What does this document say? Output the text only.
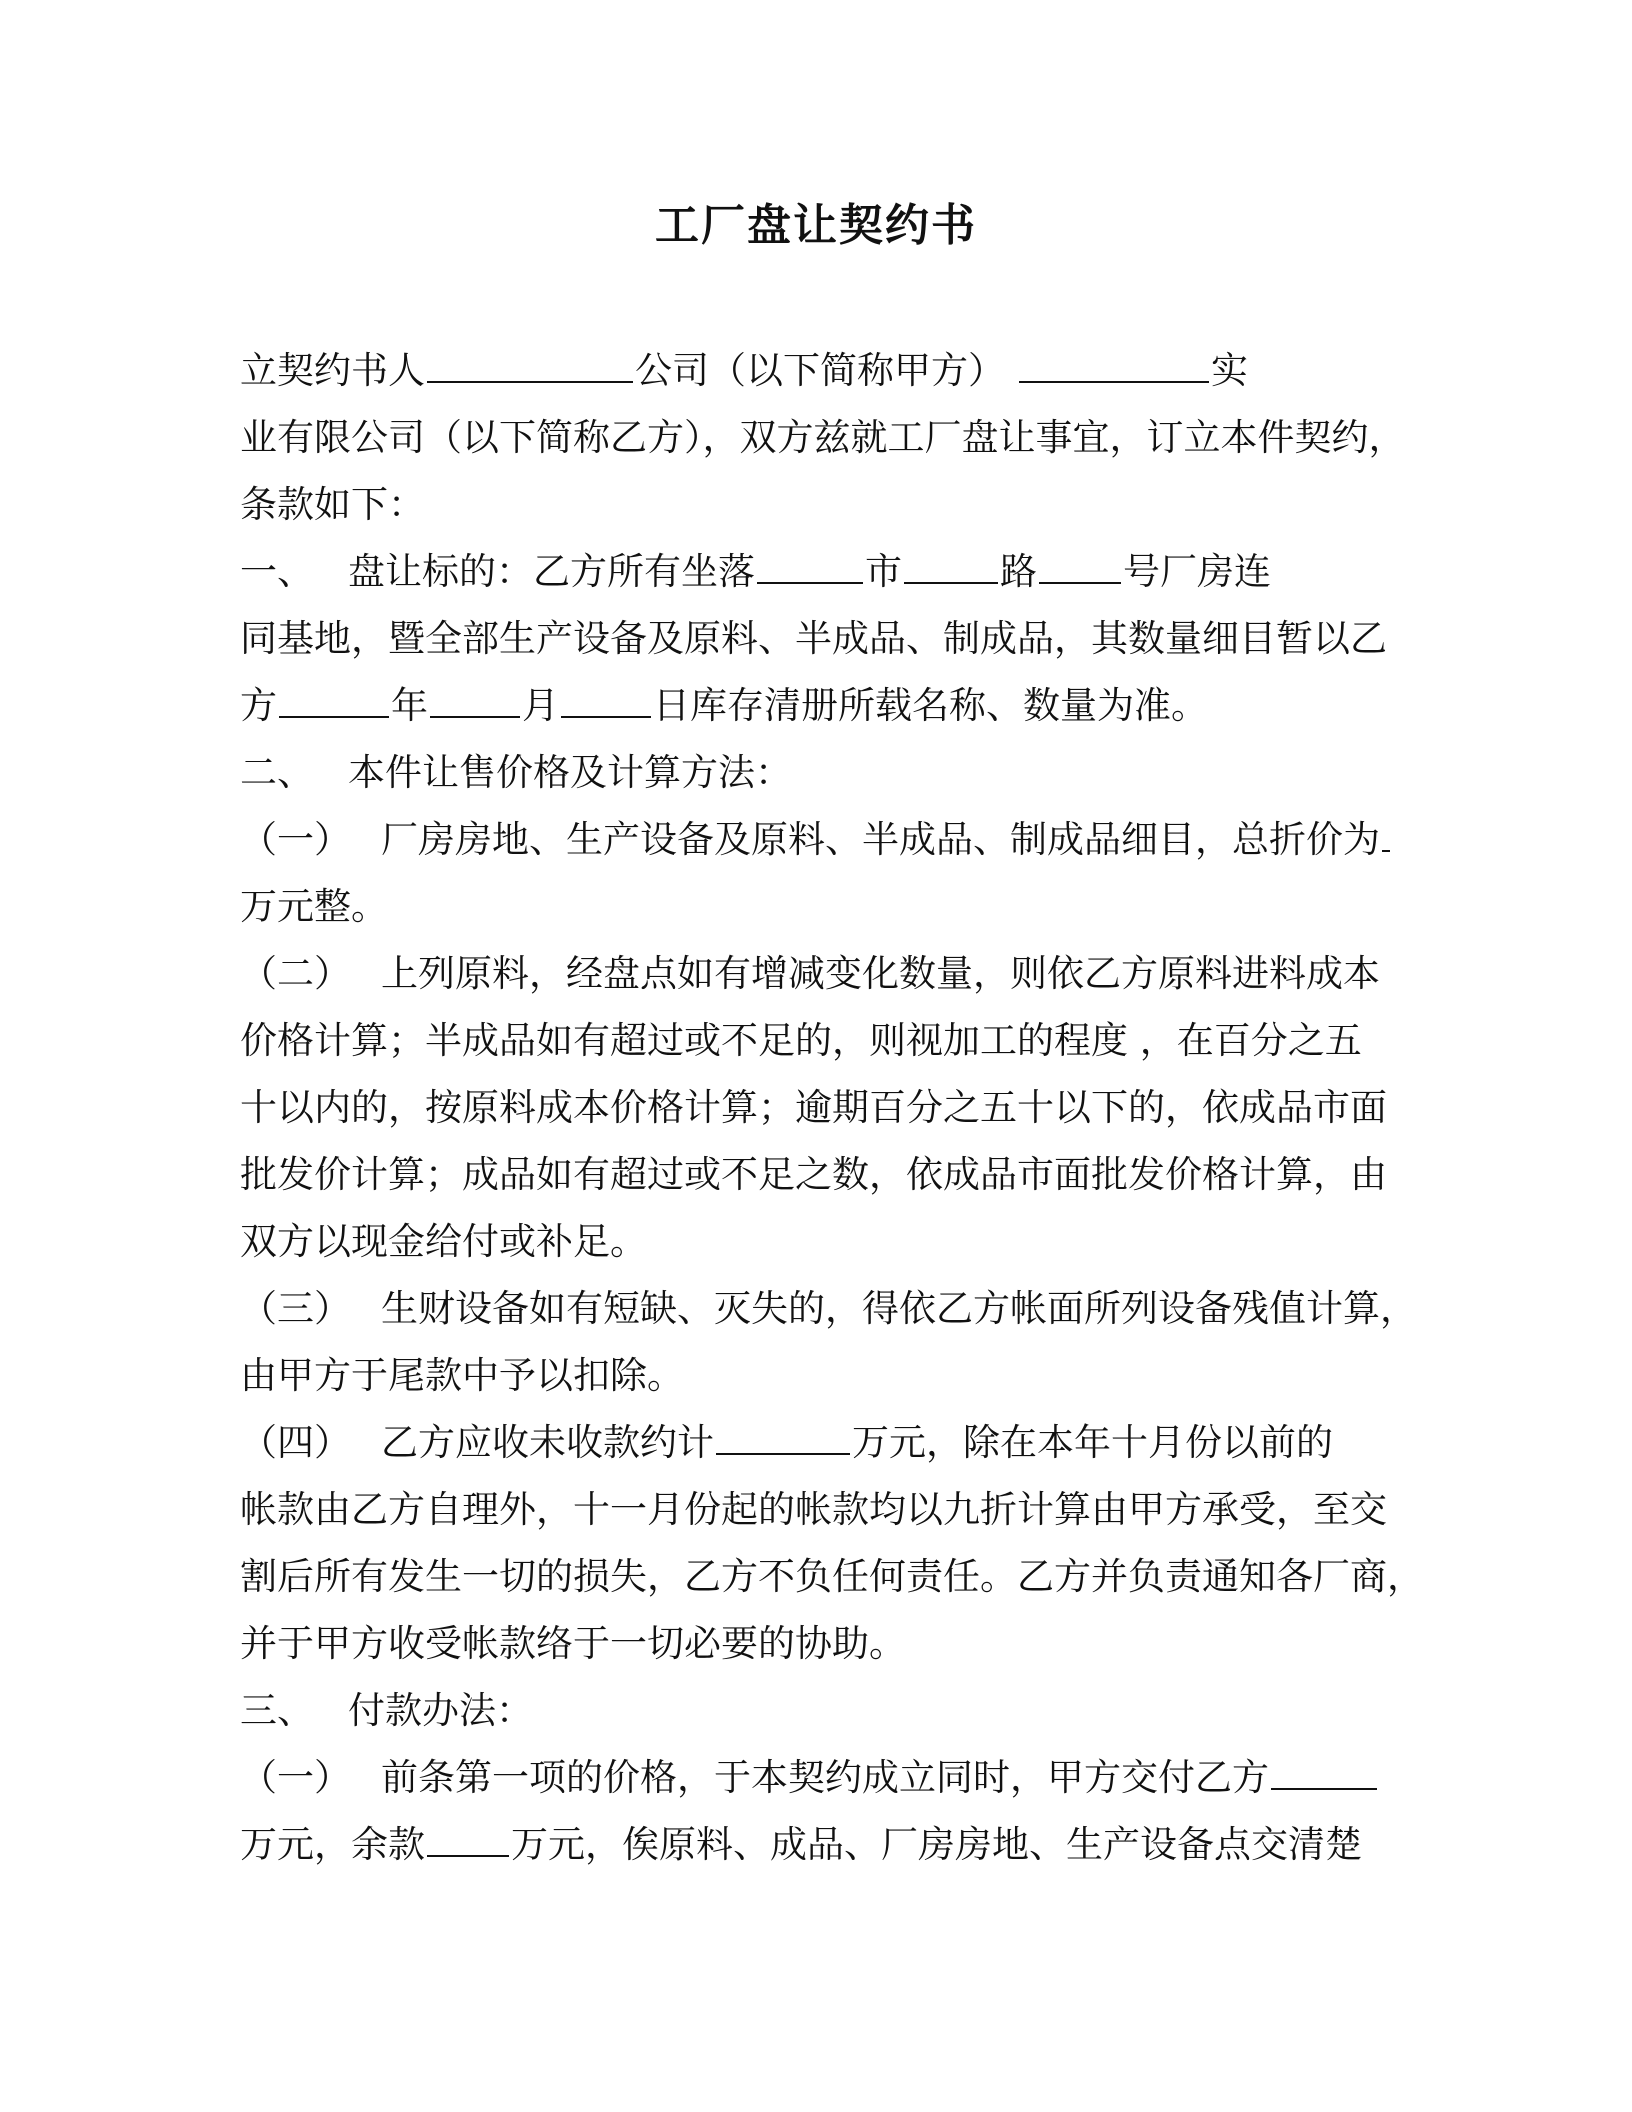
工厂盘让契约书
立契约书人	公司（以下简称甲方）	实
业有限公司（以下简称乙方），双方兹就工厂盘让事宜，订立本件契约，
条款如下：
一、 盘让标的：乙方所有坐落	市	路 号厂房连
同基地，暨全部生产设备及原料、半成品、制成品，其数量细目暂以乙
方	年	月	日库存清册所载名称、数量为准。
二、 本件让售价格及计算方法：
（一） 厂房房地、生产设备及原料、半成品、制成品细目，总折价为
万元整。
（二） 上列原料，经盘点如有增减变化数量，则依乙方原料进料成本
价格计算；半成品如有超过或不足的，则视加工的程度 ，在百分之五
十以内的，按原料成本价格计算；逾期百分之五十以下的，依成品市面
批发价计算；成品如有超过或不足之数，依成品市面批发价格计算，由
双方以现金给付或补足。
（三） 生财设备如有短缺、灭失的，得依乙方帐面所列设备残值计算，
由甲方于尾款中予以扣除。
（四） 乙方应收未收款约计	万元，除在本年十月份以前的
帐款由乙方自理外，十一月份起的帐款均以九折计算由甲方承受，至交
割后所有发生一切的损失，乙方不负任何责任。乙方并负责通知各厂商，
并于甲方收受帐款络于一切必要的协助。
三、 付款办法：
（一） 前条第一项的价格，于本契约成立同时，甲方交付乙方
万元，余款 万元，俟原料、成品、厂房房地、生产设备点交清楚
